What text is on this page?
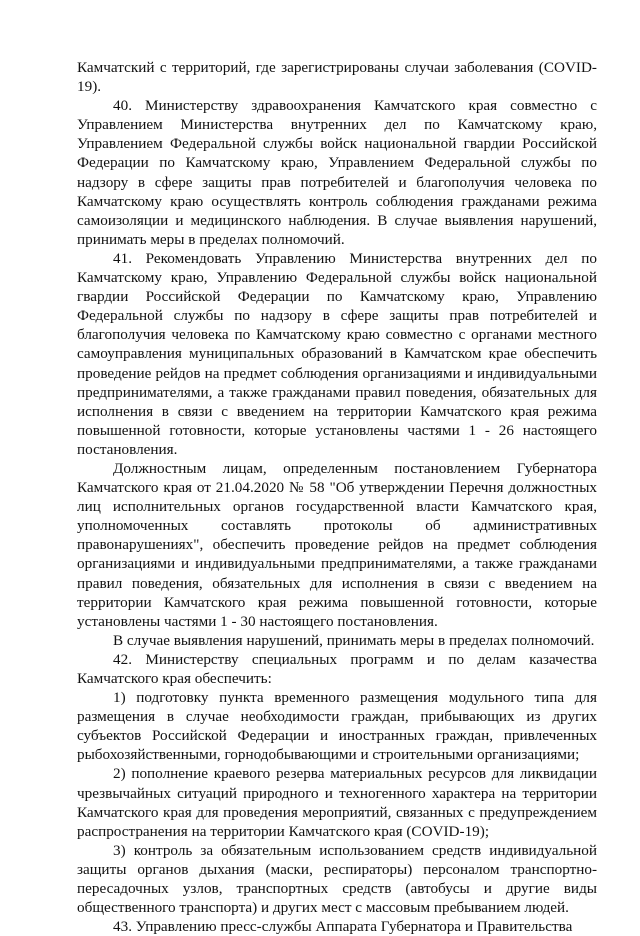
Камчатский с территорий, где зарегистрированы случаи заболевания (COVID-19).

40. Министерству здравоохранения Камчатского края совместно с Управлением Министерства внутренних дел по Камчатскому краю, Управлением Федеральной службы войск национальной гвардии Российской Федерации по Камчатскому краю, Управлением Федеральной службы по надзору в сфере защиты прав потребителей и благополучия человека по Камчатскому краю осуществлять контроль соблюдения гражданами режима самоизоляции и медицинского наблюдения. В случае выявления нарушений, принимать меры в пределах полномочий.

41. Рекомендовать Управлению Министерства внутренних дел по Камчатскому краю, Управлению Федеральной службы войск национальной гвардии Российской Федерации по Камчатскому краю, Управлению Федеральной службы по надзору в сфере защиты прав потребителей и благополучия человека по Камчатскому краю совместно с органами местного самоуправления муниципальных образований в Камчатском крае обеспечить проведение рейдов на предмет соблюдения организациями и индивидуальными предпринимателями, а также гражданами правил поведения, обязательных для исполнения в связи с введением на территории Камчатского края режима повышенной готовности, которые установлены частями 1 - 26 настоящего постановления.

Должностным лицам, определенным постановлением Губернатора Камчатского края от 21.04.2020 № 58 "Об утверждении Перечня должностных лиц исполнительных органов государственной власти Камчатского края, уполномоченных составлять протоколы об административных правонарушениях", обеспечить проведение рейдов на предмет соблюдения организациями и индивидуальными предпринимателями, а также гражданами правил поведения, обязательных для исполнения в связи с введением на территории Камчатского края режима повышенной готовности, которые установлены частями 1 - 30 настоящего постановления.

В случае выявления нарушений, принимать меры в пределах полномочий.

42. Министерству специальных программ и по делам казачества Камчатского края обеспечить:

1) подготовку пункта временного размещения модульного типа для размещения в случае необходимости граждан, прибывающих из других субъектов Российской Федерации и иностранных граждан, привлеченных рыбохозяйственными, горнодобывающими и строительными организациями;

2) пополнение краевого резерва материальных ресурсов для ликвидации чрезвычайных ситуаций природного и техногенного характера на территории Камчатского края для проведения мероприятий, связанных с предупреждением распространения на территории Камчатского края (COVID-19);

3) контроль за обязательным использованием средств индивидуальной защиты органов дыхания (маски, респираторы) персоналом транспортно-пересадочных узлов, транспортных средств (автобусы и другие виды общественного транспорта) и других мест с массовым пребыванием людей.

43. Управлению пресс-службы Аппарата Губернатора и Правительства
